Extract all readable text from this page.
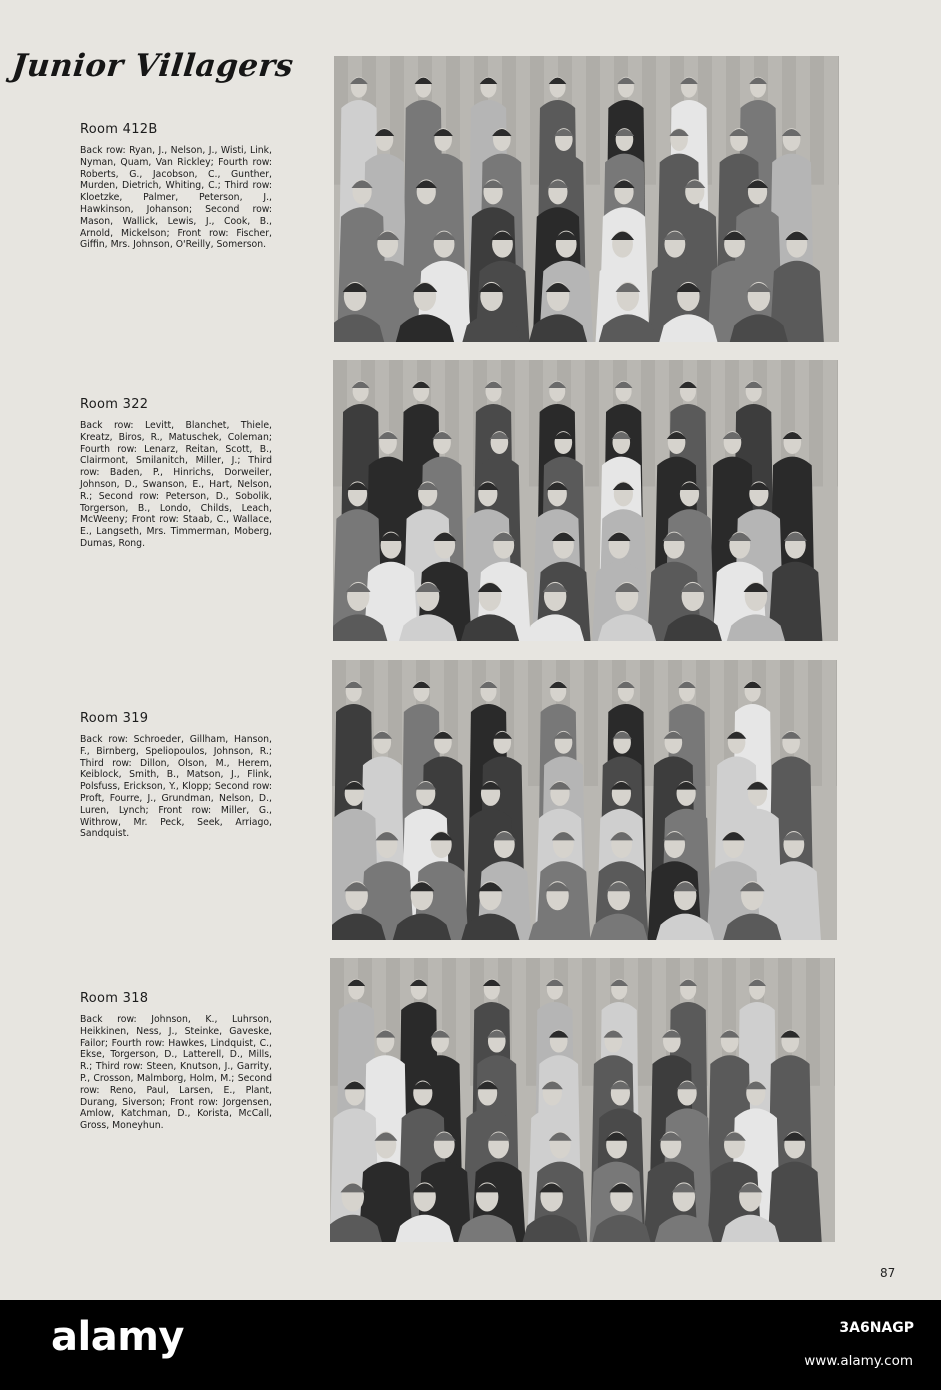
Junior Villagers
Room 412B

Back row: Ryan, J., Nelson, J., Wisti, Link, Nyman, Quam, Van Rickley; Fourth row: Roberts, G., Jacobson, C., Gunther, Murden, Dietrich, Whiting, C.; Third row: Kloetzke, Palmer, Peterson, J., Hawkinson, Johanson; Second row: Mason, Wallick, Lewis, J., Cook, B., Arnold, Mickelson; Front row: Fischer, Giffin, Mrs. Johnson, O'Reilly, Somerson.

Room 322

Back row: Levitt, Blanchet, Thiele, Kreatz, Biros, R., Matuschek, Coleman; Fourth row: Lenarz, Reitan, Scott, B., Clairmont, Smilanitch, Miller, J.; Third row: Baden, P., Hinrichs, Dorweiler, Johnson, D., Swanson, E., Hart, Nelson, R.; Second row: Peterson, D., Sobolik, Torgerson, B., Londo, Childs, Leach, McWeeny; Front row: Staab, C., Wallace, E., Langseth, Mrs. Timmerman, Moberg, Dumas, Rong.

Room 319

Back row: Schroeder, Gillham, Hanson, F., Birnberg, Speliopoulos, Johnson, R.; Third row: Dillon, Olson, M., Herem, Keiblock, Smith, B., Matson, J., Flink, Polsfuss, Erickson, Y., Klopp; Second row: Proft, Fourre, J., Grundman, Nelson, D., Luren, Lynch; Front row: Miller, G., Withrow, Mr. Peck, Seek, Arriago, Sandquist.

Room 318

Back row: Johnson, K., Luhrson, Heikkinen, Ness, J., Steinke, Gaveske, Failor; Fourth row: Hawkes, Lindquist, C., Ekse, Torgerson, D., Latterell, D., Mills, R.; Third row: Steen, Knutson, J., Garrity, P., Crosson, Malmborg, Holm, M.; Second row: Reno, Paul, Larsen, E., Plant, Durang, Siverson; Front row: Jorgensen, Amlow, Katchman, D., Korista, McCall, Gross, Moneyhun.

87
alamy	3A6NAGP
www.alamy.com
